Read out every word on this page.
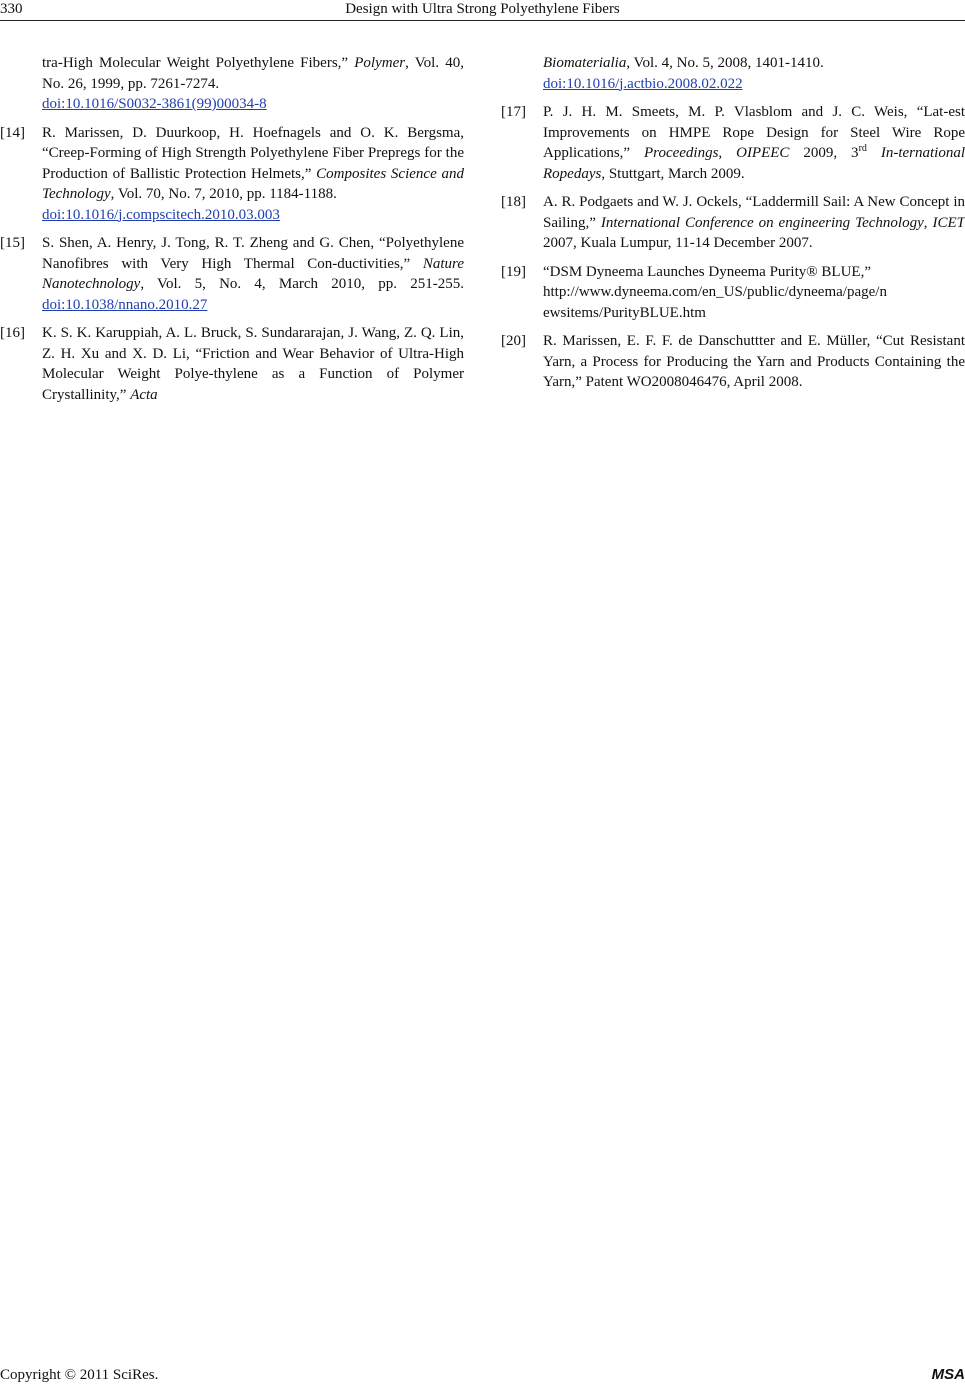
330	Design with Ultra Strong Polyethylene Fibers
tra-High Molecular Weight Polyethylene Fibers,” Polymer, Vol. 40, No. 26, 1999, pp. 7261-7274.
doi:10.1016/S0032-3861(99)00034-8
[14] R. Marissen, D. Duurkoop, H. Hoefnagels and O. K. Bergsma, “Creep-Forming of High Strength Polyethylene Fiber Prepregs for the Production of Ballistic Protection Helmets,” Composites Science and Technology, Vol. 70, No. 7, 2010, pp. 1184-1188.
doi:10.1016/j.compscitech.2010.03.003
[15] S. Shen, A. Henry, J. Tong, R. T. Zheng and G. Chen, “Polyethylene Nanofibres with Very High Thermal Con-ductivities,” Nature Nanotechnology, Vol. 5, No. 4, March 2010, pp. 251-255. doi:10.1038/nnano.2010.27
[16] K. S. K. Karuppiah, A. L. Bruck, S. Sundararajan, J. Wang, Z. Q. Lin, Z. H. Xu and X. D. Li, “Friction and Wear Behavior of Ultra-High Molecular Weight Polye-thylene as a Function of Polymer Crystallinity,” Acta
Biomaterialia, Vol. 4, No. 5, 2008, 1401-1410.
doi:10.1016/j.actbio.2008.02.022
[17] P. J. H. M. Smeets, M. P. Vlasblom and J. C. Weis, “Lat-est Improvements on HMPE Rope Design for Steel Wire Rope Applications,” Proceedings, OIPEEC 2009, 3rd In-ternational Ropedays, Stuttgart, March 2009.
[18] A. R. Podgaets and W. J. Ockels, “Laddermill Sail: A New Concept in Sailing,” International Conference on engineering Technology, ICET 2007, Kuala Lumpur, 11-14 December 2007.
[19] “DSM Dyneema Launches Dyneema Purity® BLUE,”
http://www.dyneema.com/en_US/public/dyneema/page/n
ewsitems/PurityBLUE.htm
[20] R. Marissen, E. F. F. de Danschuttter and E. Müller, “Cut Resistant Yarn, a Process for Producing the Yarn and Products Containing the Yarn,” Patent WO2008046476, April 2008.
Copyright © 2011 SciRes.	MSA
